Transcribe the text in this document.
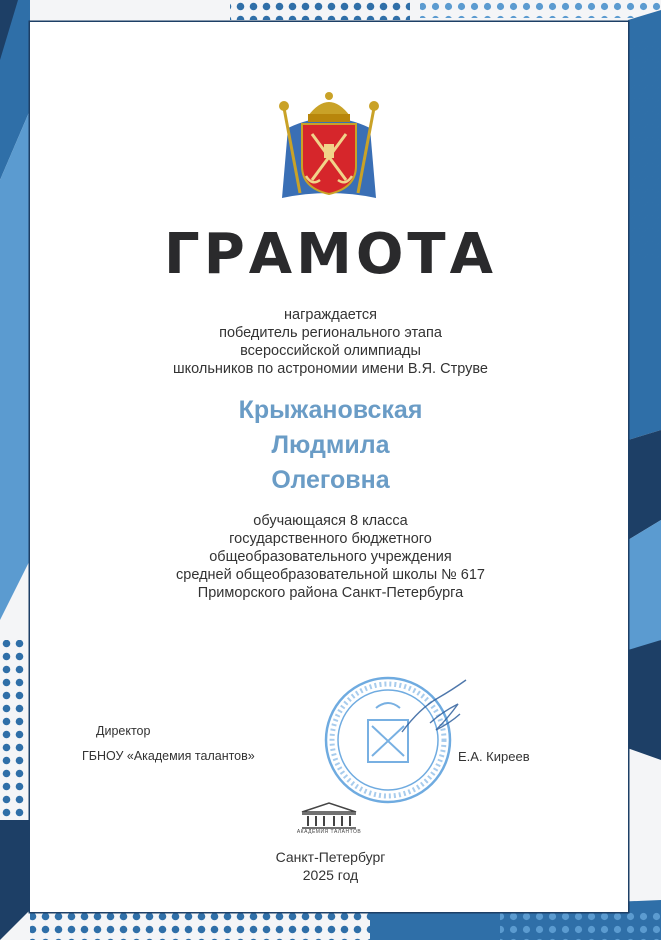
ГРАМОТА
награждается
победитель регионального этапа
всероссийской олимпиады
школьников по астрономии имени В.Я. Струве
Крыжановская
Людмила
Олеговна
обучающаяся 8 класса
государственного бюджетного
общеобразовательного учреждения
средней общеобразовательной школы № 617
Приморского района Санкт-Петербурга
Директор
ГБНОУ «Академия талантов»	Е.А. Киреев
АКАДЕМИЯ ТАЛАНТОВ
Санкт-Петербург
2025 год
